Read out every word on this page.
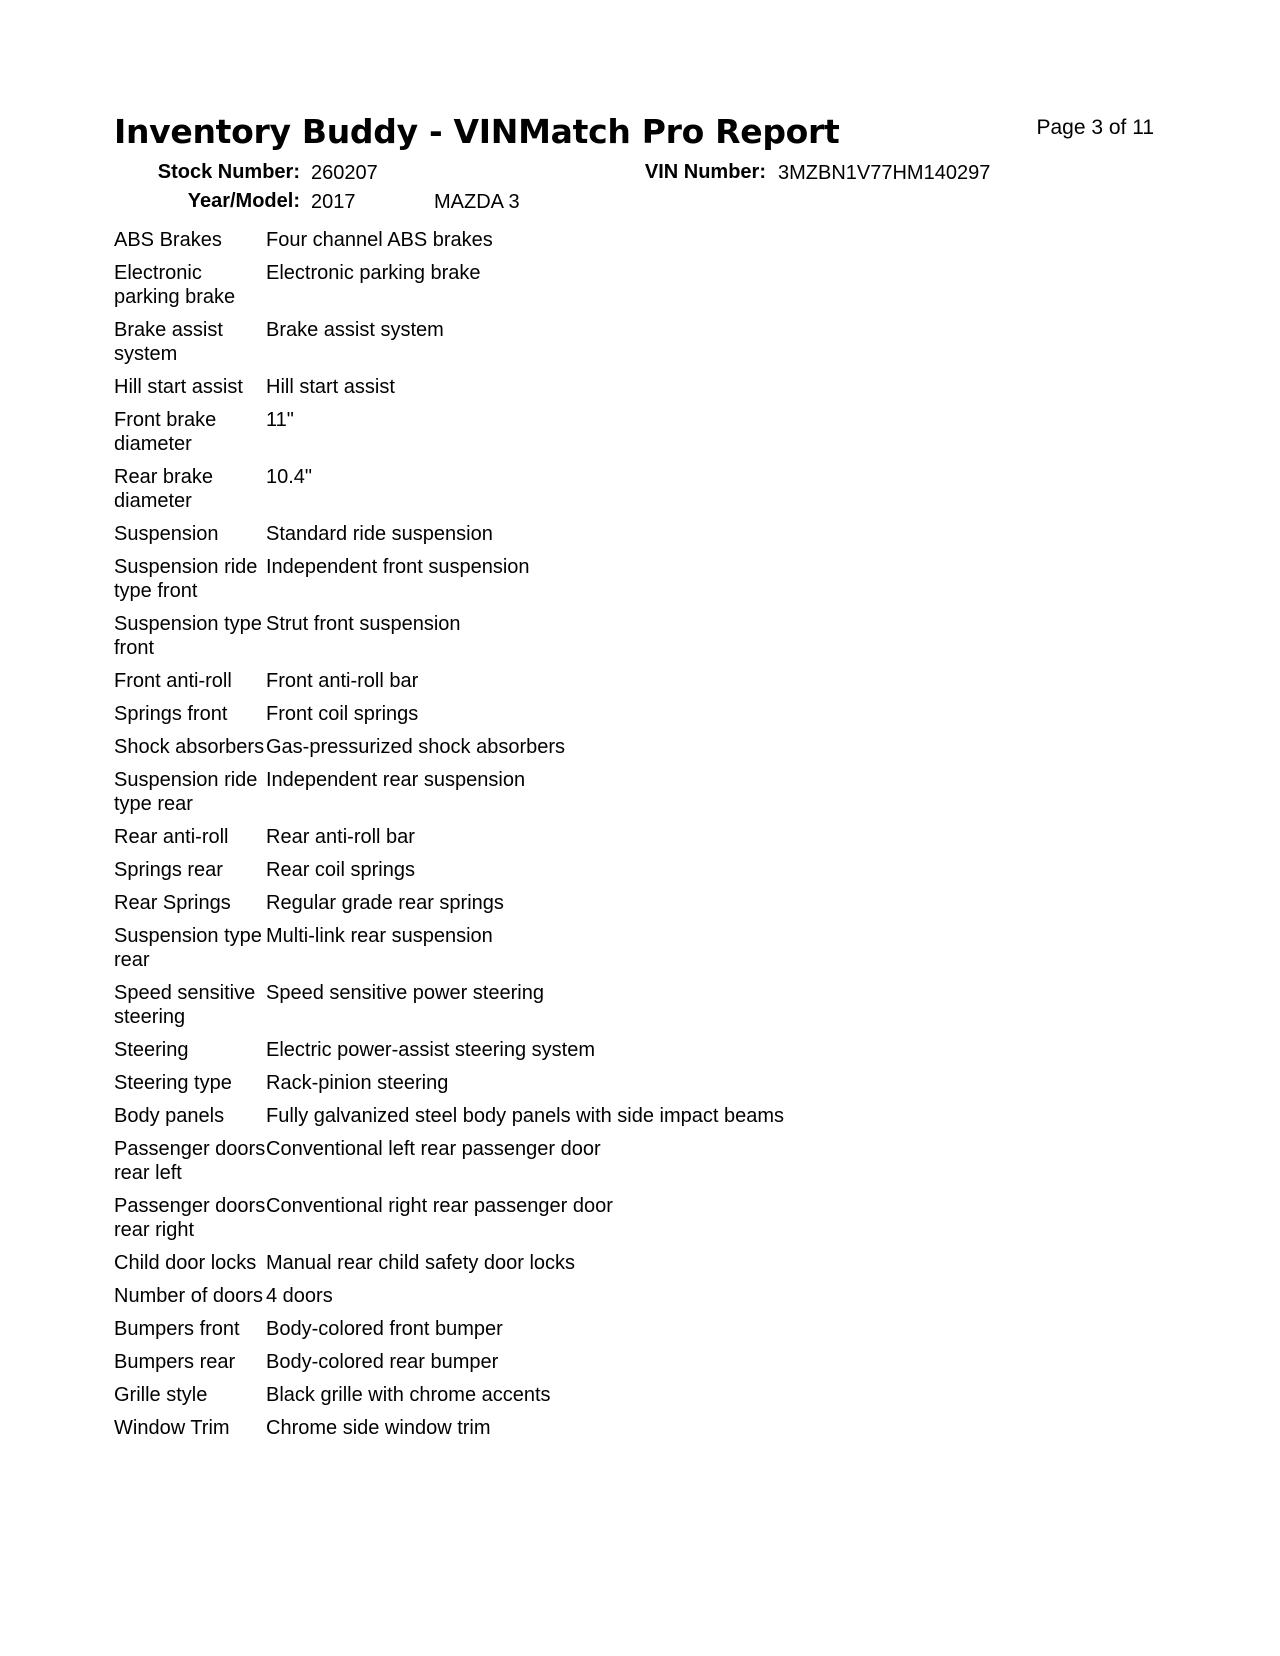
Inventory Buddy - VINMatch Pro Report	Page 3 of 11
Stock Number: 260207	VIN Number: 3MZBN1V77HM140297
Year/Model: 2017	MAZDA 3
ABS Brakes	Four channel ABS brakes
Electronic parking brake	Electronic parking brake
Brake assist system	Brake assist system
Hill start assist	Hill start assist
Front brake diameter	11"
Rear brake diameter	10.4"
Suspension	Standard ride suspension
Suspension ride type front	Independent front suspension
Suspension type front	Strut front suspension
Front anti-roll	Front anti-roll bar
Springs front	Front coil springs
Shock absorbers	Gas-pressurized shock absorbers
Suspension ride type rear	Independent rear suspension
Rear anti-roll	Rear anti-roll bar
Springs rear	Rear coil springs
Rear Springs	Regular grade rear springs
Suspension type rear	Multi-link rear suspension
Speed sensitive steering	Speed sensitive power steering
Steering	Electric power-assist steering system
Steering type	Rack-pinion steering
Body panels	Fully galvanized steel body panels with side impact beams
Passenger doors rear left	Conventional left rear passenger door
Passenger doors rear right	Conventional right rear passenger door
Child door locks	Manual rear child safety door locks
Number of doors	4 doors
Bumpers front	Body-colored front bumper
Bumpers rear	Body-colored rear bumper
Grille style	Black grille with chrome accents
Window Trim	Chrome side window trim
